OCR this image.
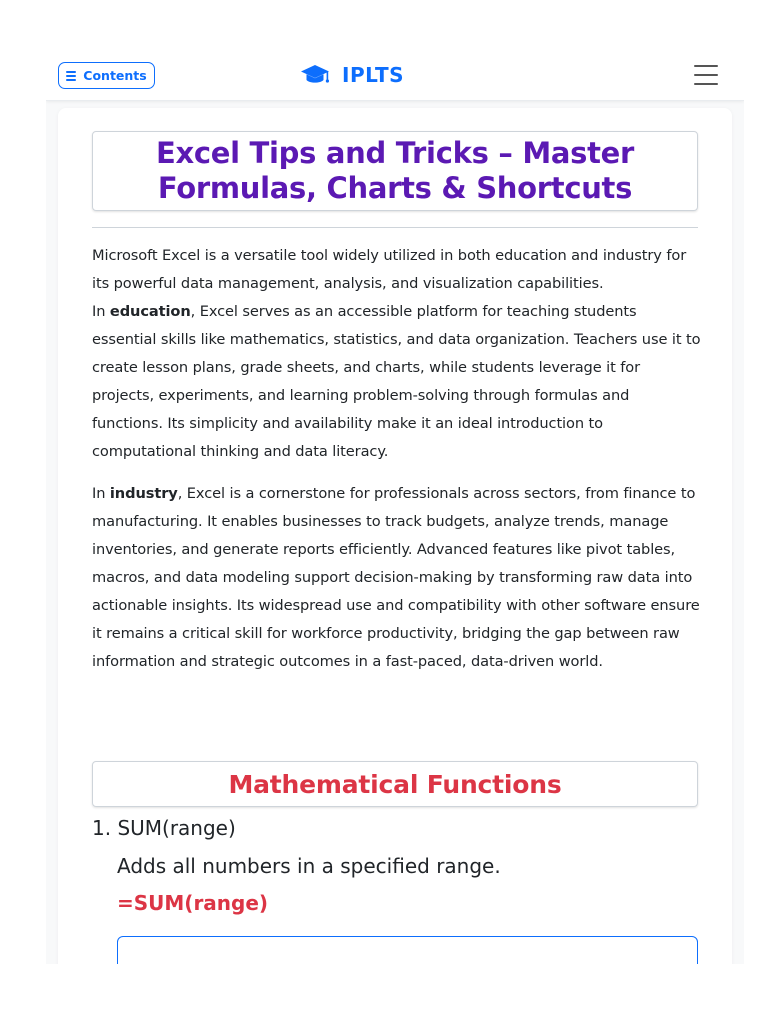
Contents	IPLTS
Excel Tips and Tricks – Master Formulas, Charts & Shortcuts

Microsoft Excel is a versatile tool widely utilized in both education and industry for its powerful data management, analysis, and visualization capabilities.
In education, Excel serves as an accessible platform for teaching students essential skills like mathematics, statistics, and data organization. Teachers use it to create lesson plans, grade sheets, and charts, while students leverage it for projects, experiments, and learning problem-solving through formulas and functions. Its simplicity and availability make it an ideal introduction to computational thinking and data literacy.

In industry, Excel is a cornerstone for professionals across sectors, from finance to manufacturing. It enables businesses to track budgets, analyze trends, manage inventories, and generate reports efficiently. Advanced features like pivot tables, macros, and data modeling support decision-making by transforming raw data into actionable insights. Its widespread use and compatibility with other software ensure it remains a critical skill for workforce productivity, bridging the gap between raw information and strategic outcomes in a fast-paced, data-driven world.

Mathematical Functions
1. SUM(range)
Adds all numbers in a specified range.
=SUM(range)
